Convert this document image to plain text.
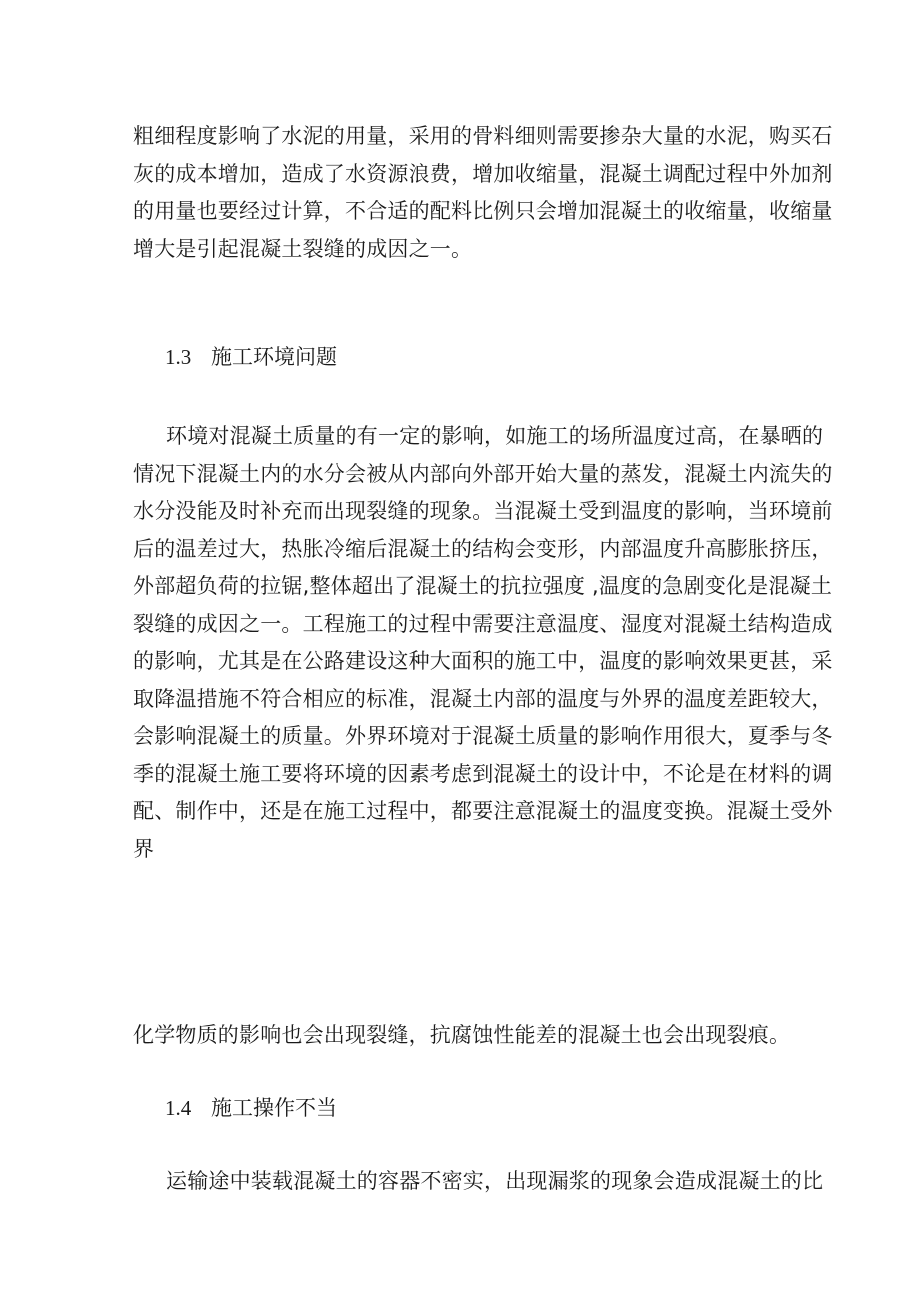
粗细程度影响了水泥的用量，采用的骨料细则需要掺杂大量的水泥，购买石
灰的成本增加，造成了水资源浪费，增加收缩量，混凝土调配过程中外加剂
的用量也要经过计算，不合适的配料比例只会增加混凝土的收缩量，收缩量
增大是引起混凝土裂缝的成因之一。

1.3 施工环境问题

环境对混凝土质量的有一定的影响，如施工的场所温度过高，在暴晒的
情况下混凝土内的水分会被从内部向外部开始大量的蒸发，混凝土内流失的
水分没能及时补充而出现裂缝的现象。当混凝土受到温度的影响，当环境前
后的温差过大，热胀冷缩后混凝土的结构会变形，内部温度升高膨胀挤压，
外部超负荷的拉锯,整体超出了混凝土的抗拉强度 ,温度的急剧变化是混凝土
裂缝的成因之一。工程施工的过程中需要注意温度、湿度对混凝土结构造成
的影响，尤其是在公路建设这种大面积的施工中，温度的影响效果更甚，采
取降温措施不符合相应的标准，混凝土内部的温度与外界的温度差距较大，
会影响混凝土的质量。外界环境对于混凝土质量的影响作用很大，夏季与冬
季的混凝土施工要将环境的因素考虑到混凝土的设计中，不论是在材料的调
配、制作中，还是在施工过程中，都要注意混凝土的温度变换。混凝土受外
界

化学物质的影响也会出现裂缝，抗腐蚀性能差的混凝土也会出现裂痕。

1.4 施工操作不当

运输途中装载混凝土的容器不密实，出现漏浆的现象会造成混凝土的比
